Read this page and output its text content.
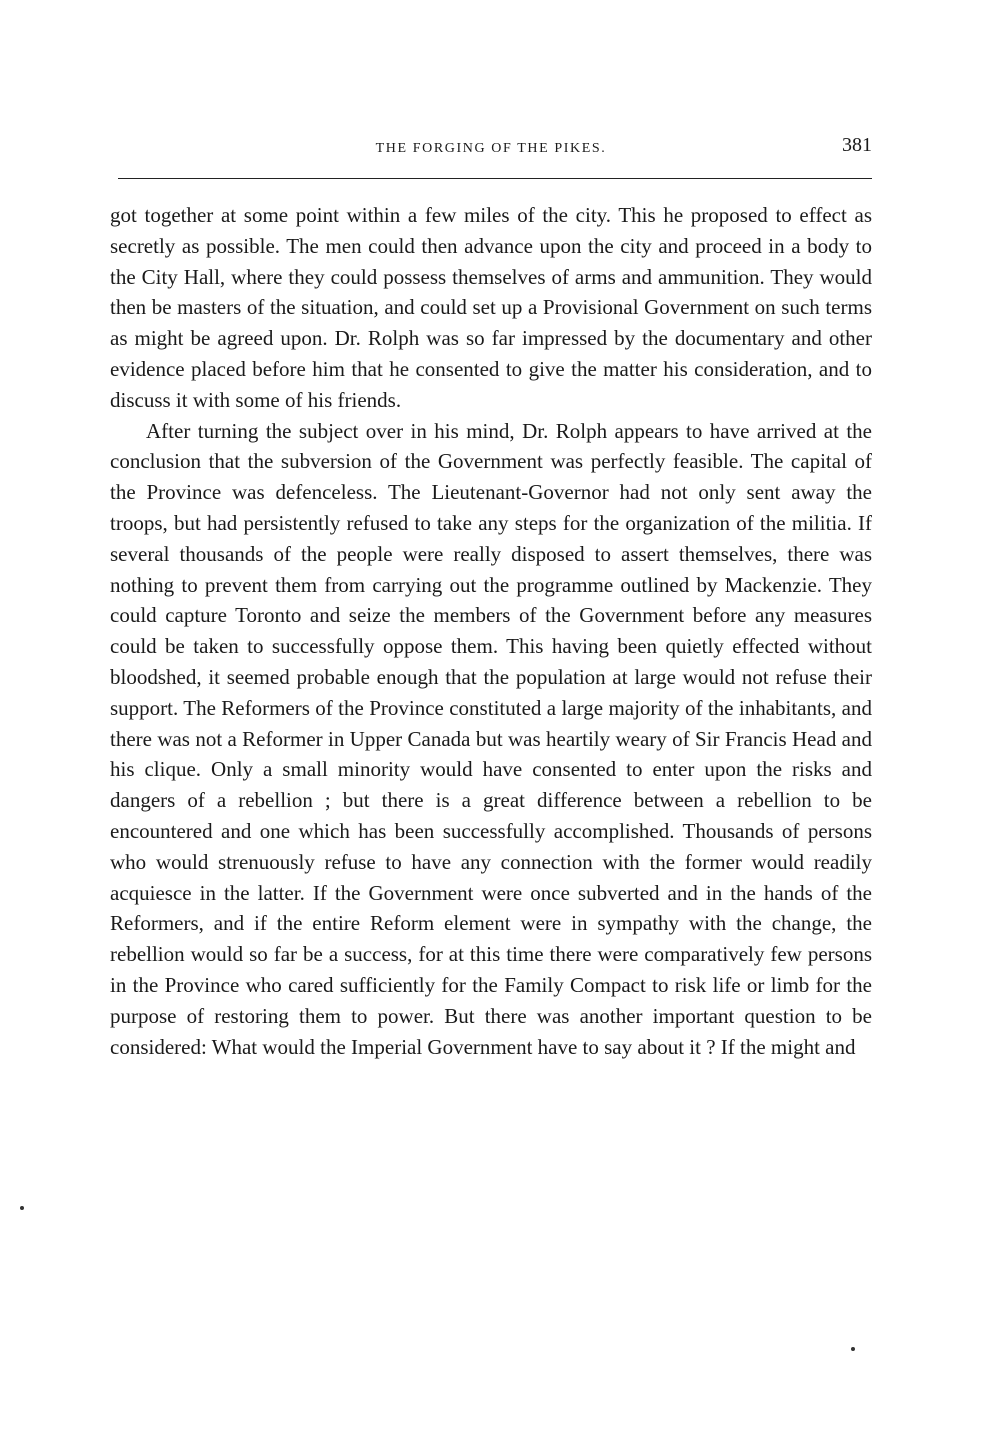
THE FORGING OF THE PIKES.	381

got together at some point within a few miles of the city. This he proposed to effect as secretly as possible. The men could then advance upon the city and proceed in a body to the City Hall, where they could possess themselves of arms and ammunition. They would then be masters of the situation, and could set up a Provisional Government on such terms as might be agreed upon. Dr. Rolph was so far impressed by the documentary and other evidence placed before him that he consented to give the matter his consideration, and to discuss it with some of his friends.

After turning the subject over in his mind, Dr. Rolph appears to have arrived at the conclusion that the subversion of the Government was perfectly feasible. The capital of the Province was defenceless. The Lieutenant-Governor had not only sent away the troops, but had persistently refused to take any steps for the organization of the militia. If several thousands of the people were really disposed to assert themselves, there was nothing to prevent them from carrying out the programme outlined by Mackenzie. They could capture Toronto and seize the members of the Government before any measures could be taken to successfully oppose them. This having been quietly effected without bloodshed, it seemed probable enough that the population at large would not refuse their support. The Reformers of the Province constituted a large majority of the inhabitants, and there was not a Reformer in Upper Canada but was heartily weary of Sir Francis Head and his clique. Only a small minority would have consented to enter upon the risks and dangers of a rebellion ; but there is a great difference between a rebellion to be encountered and one which has been successfully accomplished. Thousands of persons who would strenuously refuse to have any connection with the former would readily acquiesce in the latter. If the Government were once subverted and in the hands of the Reformers, and if the entire Reform element were in sympathy with the change, the rebellion would so far be a success, for at this time there were comparatively few persons in the Province who cared sufficiently for the Family Compact to risk life or limb for the purpose of restoring them to power. But there was another important question to be considered: What would the Imperial Government have to say about it ? If the might and
